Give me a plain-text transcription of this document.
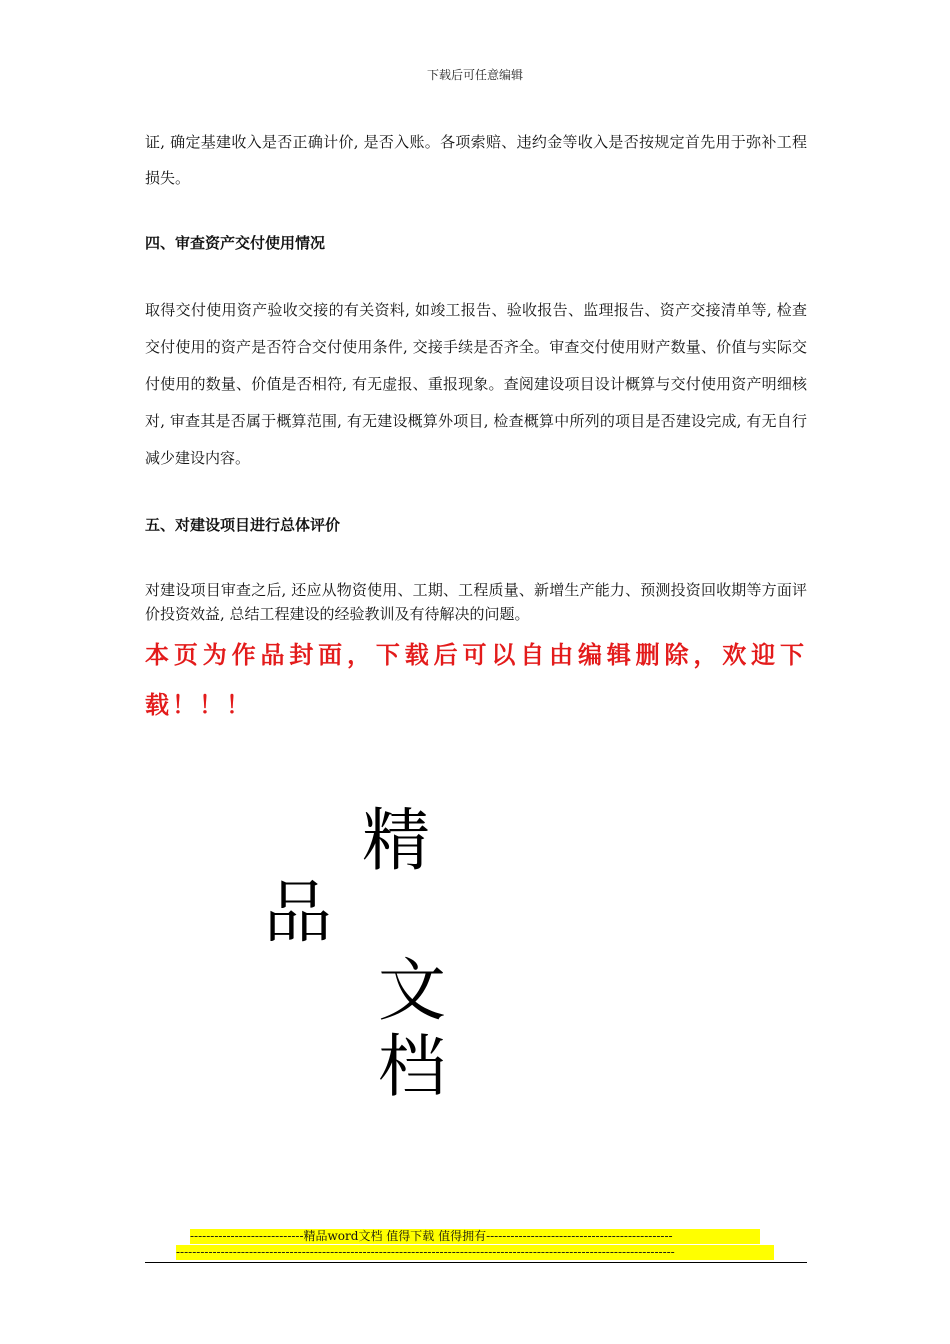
下载后可任意编辑
证, 确定基建收入是否正确计价, 是否入账。各项索赔、违约金等收入是否按规定首先用于弥补工程损失。
四、审查资产交付使用情况
取得交付使用资产验收交接的有关资料, 如竣工报告、验收报告、监理报告、资产交接清单等, 检查交付使用的资产是否符合交付使用条件, 交接手续是否齐全。审查交付使用财产数量、价值与实际交付使用的数量、价值是否相符, 有无虚报、重报现象。查阅建设项目设计概算与交付使用资产明细核对, 审查其是否属于概算范围, 有无建设概算外项目, 检查概算中所列的项目是否建设完成, 有无自行减少建设内容。
五、对建设项目进行总体评价
对建设项目审查之后, 还应从物资使用、工期、工程质量、新增生产能力、预测投资回收期等方面评价投资效益, 总结工程建设的经验教训及有待解决的问题。
本页为作品封面，下载后可以自由编辑删除，欢迎下载！！！
精
品
文
档
----------------------------精品word文档 值得下载 值得拥有----------------------------------------------
---------------------------------------------------------------------------------------------------------------------------
